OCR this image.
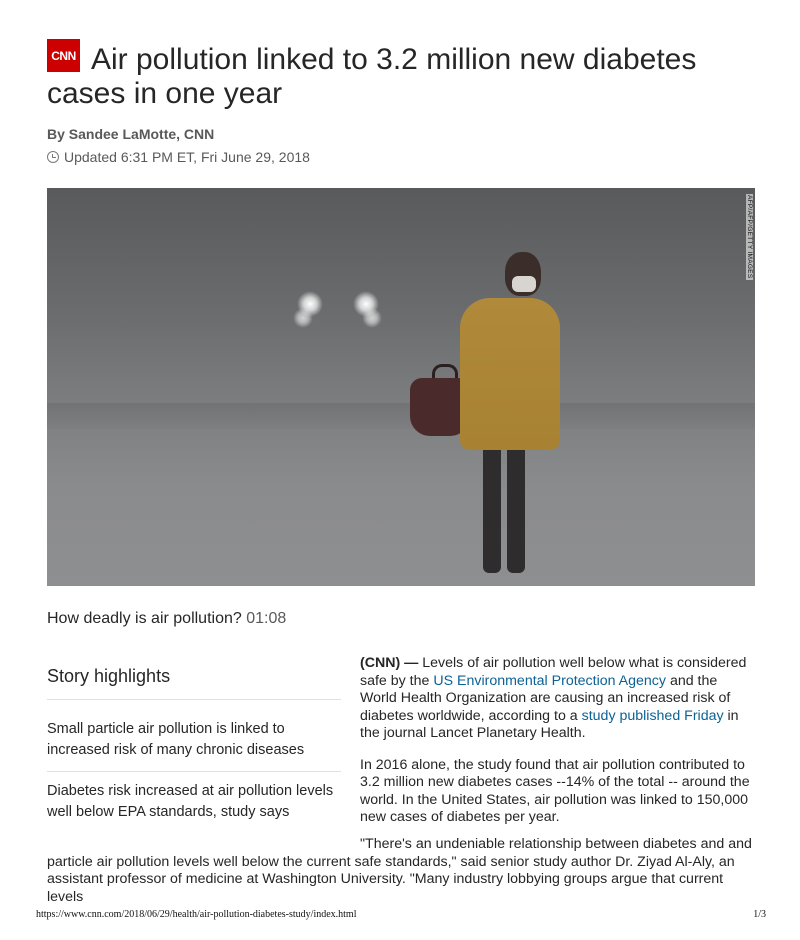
CNN Air pollution linked to 3.2 million new diabetes cases in one year
By Sandee LaMotte, CNN
Updated 6:31 PM ET, Fri June 29, 2018
AFP/AFP/GETTY IMAGES
How deadly is air pollution? 01:08
Story highlights
Small particle air pollution is linked to increased risk of many chronic diseases
Diabetes risk increased at air pollution levels well below EPA standards, study says

(CNN) — Levels of air pollution well below what is considered safe by the US Environmental Protection Agency and the World Health Organization are causing an increased risk of diabetes worldwide, according to a study published Friday in the journal Lancet Planetary Health.

In 2016 alone, the study found that air pollution contributed to 3.2 million new diabetes cases --14% of the total -- around the world. In the United States, air pollution was linked to 150,000 new cases of diabetes per year.

"There's an undeniable relationship between diabetes and and particle air pollution levels well below the current safe standards," said senior study author Dr. Ziyad Al-Aly, an assistant professor of medicine at Washington University. "Many industry lobbying groups argue that current levels

https://www.cnn.com/2018/06/29/health/air-pollution-diabetes-study/index.html	1/3
